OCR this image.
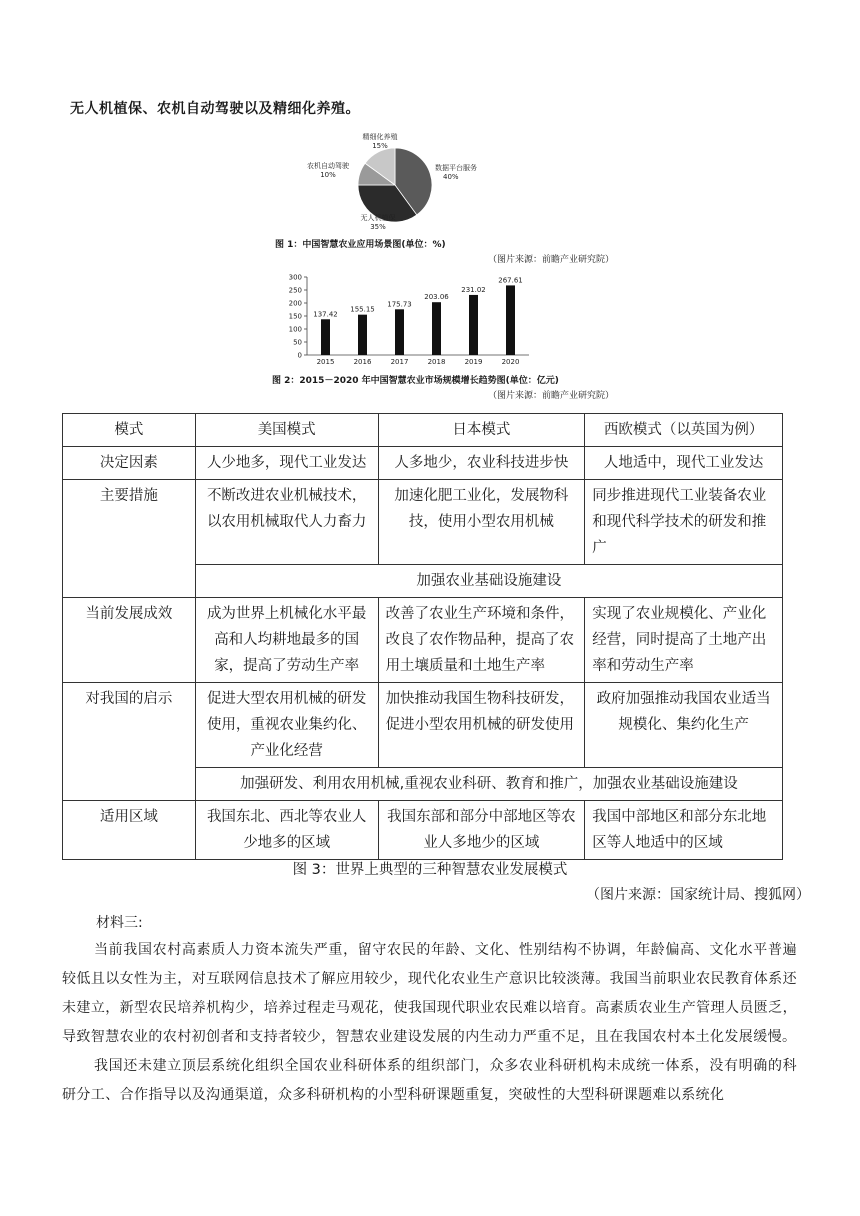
无人机植保、农机自动驾驶以及精细化养殖。
数据平台服务
40%
无人机植保
35%
农机自动驾驶
10%
精细化养殖
15%
图 1：中国智慧农业应用场景图(单位：%)
（图片来源：前瞻产业研究院）
0
50
100
150
200
250
300
2015	2016	2017	2018	2019	2020
137.42
155.15
175.73
203.06
231.02
267.61
图 2：2015－2020 年中国智慧农业市场规模增长趋势图(单位：亿元)
（图片来源：前瞻产业研究院）
模式	美国模式	日本模式	西欧模式（以英国为例）
决定因素	人少地多，现代工业发达	人多地少，农业科技进步快	人地适中，现代工业发达
主要措施	不断改进农业机械技术，以农用机械取代人力畜力	加速化肥工业化，发展物科技，使用小型农用机械	同步推进现代工业装备农业和现代科学技术的研发和推广
	加强农业基础设施建设		
当前发展成效	成为世界上机械化水平最高和人均耕地最多的国家，提高了劳动生产率	改善了农业生产环境和条件，改良了农作物品种，提高了农用土壤质量和土地生产率	实现了农业规模化、产业化经营，同时提高了土地产出率和劳动生产率
对我国的启示	促进大型农用机械的研发使用，重视农业集约化、产业化经营	加快推动我国生物科技研发，促进小型农用机械的研发使用	政府加强推动我国农业适当规模化、集约化生产
	加强研发、利用农用机械,重视农业科研、教育和推广，加强农业基础设施建设		
适用区域	我国东北、西北等农业人少地多的区域	我国东部和部分中部地区等农业人多地少的区域	我国中部地区和部分东北地区等人地适中的区域
图 3：世界上典型的三种智慧农业发展模式
（图片来源：国家统计局、搜狐网）
材料三:
当前我国农村高素质人力资本流失严重，留守农民的年龄、文化、性别结构不协调，年龄偏高、文化水平普遍较低且以女性为主，对互联网信息技术了解应用较少，现代化农业生产意识比较淡薄。我国当前职业农民教育体系还未建立，新型农民培养机构少，培养过程走马观花，使我国现代职业农民难以培育。高素质农业生产管理人员匮乏，导致智慧农业的农村初创者和支持者较少，智慧农业建设发展的内生动力严重不足，且在我国农村本土化发展缓慢。
我国还未建立顶层系统化组织全国农业科研体系的组织部门，众多农业科研机构未成统一体系，没有明确的科研分工、合作指导以及沟通渠道，众多科研机构的小型科研课题重复，突破性的大型科研课题难以系统化
